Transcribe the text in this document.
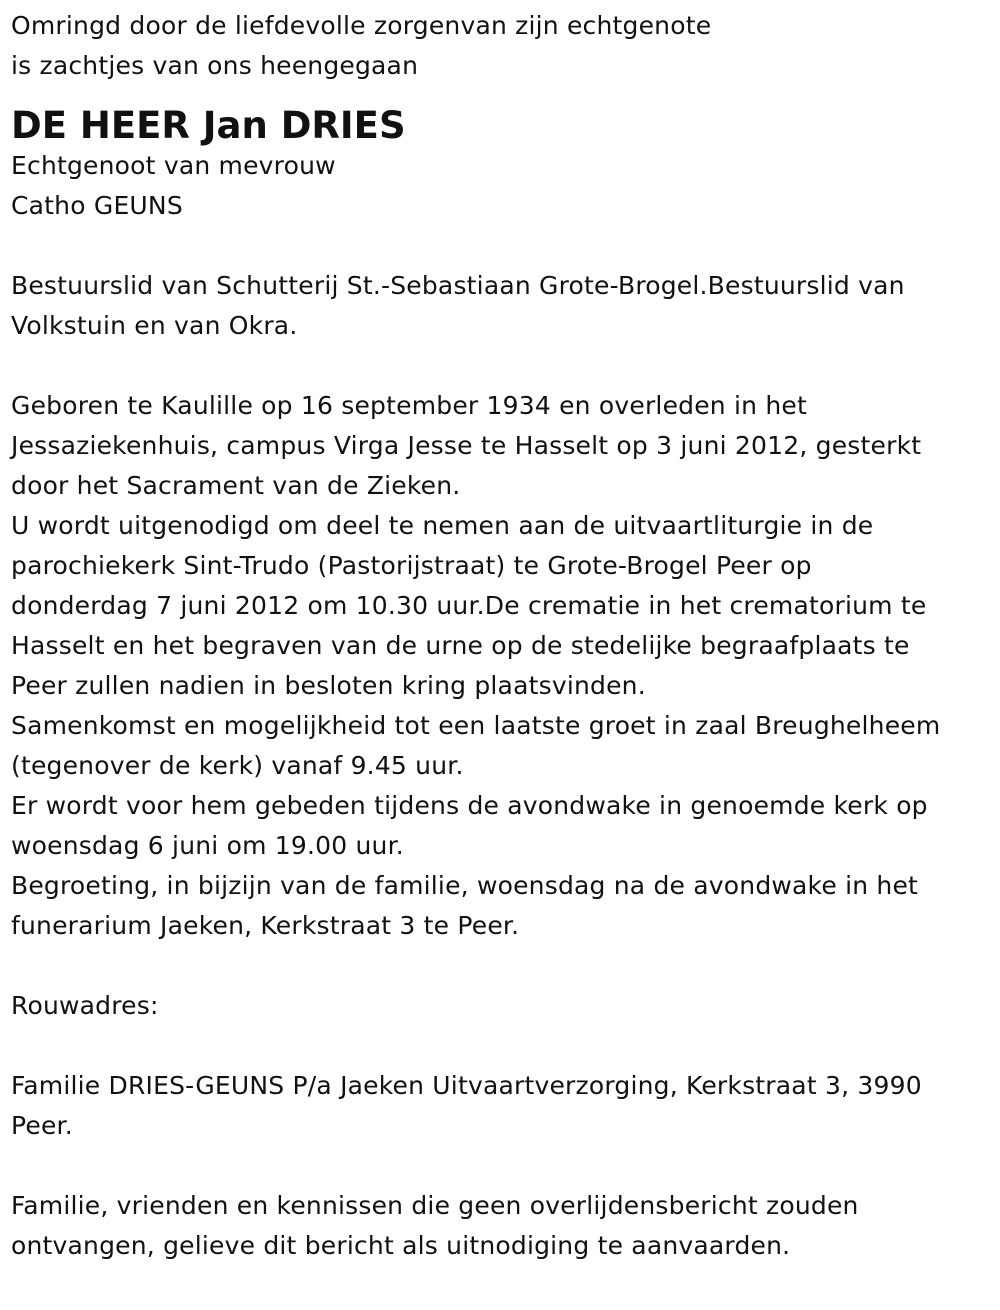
Omringd door de liefdevolle zorgenvan zijn echtgenote
is zachtjes van ons heengegaan
DE HEER Jan DRIES
Echtgenoot van mevrouw
Catho GEUNS
Bestuurslid van Schutterij St.-Sebastiaan Grote-Brogel.Bestuurslid van
Volkstuin en van Okra.
Geboren te Kaulille op 16 september 1934 en overleden in het
Jessaziekenhuis, campus Virga Jesse te Hasselt op 3 juni 2012, gesterkt
door het Sacrament van de Zieken.
U wordt uitgenodigd om deel te nemen aan de uitvaartliturgie in de
parochiekerk Sint-Trudo (Pastorijstraat) te Grote-Brogel Peer op
donderdag 7 juni 2012 om 10.30 uur.De crematie in het crematorium te
Hasselt en het begraven van de urne op de stedelijke begraafplaats te
Peer zullen nadien in besloten kring plaatsvinden.
Samenkomst en mogelijkheid tot een laatste groet in zaal Breughelheem
(tegenover de kerk) vanaf 9.45 uur.
Er wordt voor hem gebeden tijdens de avondwake in genoemde kerk op
woensdag 6 juni om 19.00 uur.
Begroeting, in bijzijn van de familie, woensdag na de avondwake in het
funerarium Jaeken, Kerkstraat 3 te Peer.
Rouwadres:
Familie DRIES-GEUNS P/a Jaeken Uitvaartverzorging, Kerkstraat 3, 3990
Peer.
Familie, vrienden en kennissen die geen overlijdensbericht zouden
ontvangen, gelieve dit bericht als uitnodiging te aanvaarden.
